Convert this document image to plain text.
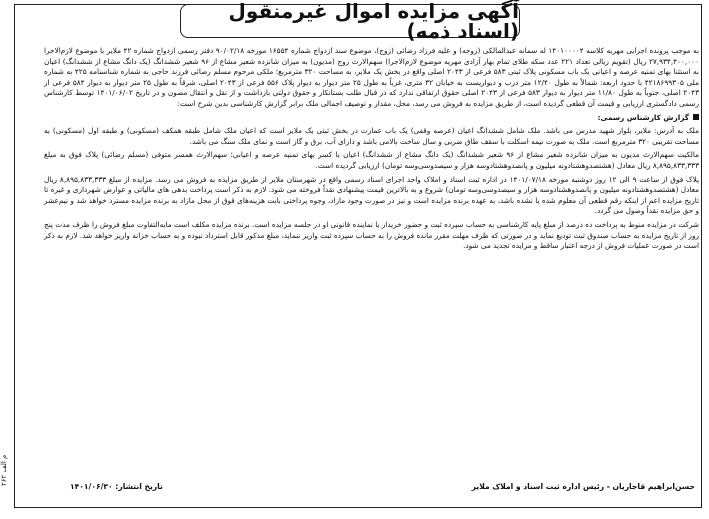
آگهی مزایده اموال غیرمنقول (اسناد ذمه)

به موجب پرونده اجرایی مهریه کلاسه ۱۴۰۱۰۰۰۰۴ له سمانه عبدالمالکی (زوجه) و علیه فرزاد رضائی (زوج)، موضوع سند ازدواج شماره ۱۶۵۵۴ مورخه ۹۰/۰۲/۱۸ دفتر رسمی ازدواج شماره ۴۲ ملایر با موضوع لازم‌الاجرا ۲۷,۹۳۴,۴۰۰,۰۰۰ ریال (تقویم ریالی تعداد ۲۲۱ عدد سکه طلای تمام بهار آزادی مهریه موضوع لازم‌الاجرا) سهم‌الارث زوج (مدیون) به میزان شانزده شعیر مشاع از ۹۶ شعیر ششدانگ (یک دانگ مشاع از ششدانگ) اعیان به استثنا بهای تمنیه عرصه و اعیانی یک باب مسکونی پلاک ثبتی ۵۸۳ فرعی از ۲۰۴۳ اصلی واقع در بخش یک ملایر، به مساحت ۳۲۰ مترمربع؛ ملکی مرحوم مسلم رضائی فرزند حاجی به شماره شناسنامه ۴۲۵ به شماره ملی ۴۲۱۸۶۹۹۳۰۵ با حدود اربعه: شمالاً به طول ۱۲/۴۰ متر درب و دیواریست به خیابان ۳۲ متری، غرباً به طول ۲۵ متر دیوار به دیوار پلاک ۵۵۶ فرعی از ۲۰۴۳ اصلی، شرقاً به طول ۲۵ متر دیوار به دیوار ۵۸۴ فرعی از ۲۰۴۳ اصلی، جنوباً به طول ۱۱/۸۰ متر دیوار به دیوار ۵۸۳ فرعی از ۲۰۴۳ اصلی حقوق ارتفاقی ندارد که در قبال طلب بستانکار و حقوق دولتی بازداشت و از نقل و انتقال مصون و در تاریخ ۱۴۰۱/۰۶/۰۲ توسط کارشناس رسمی دادگستری ارزیابی و قیمت آن قطعی گردیده است، از طریق مزایده به فروش می رسد، محل، مقدار و توصیف اجمالی ملک برابر گزارش کارشناسی بدین شرح است:

گزارش کارشناس رسمی:

ملک به آدرس: ملایر، بلوار شهید مدرس می باشد. ملک شامل ششدانگ اعیان (عرصه وقفی) یک باب عمارت در بخش ثبتی یک ملایر است که اعیان ملک شامل طبقه همکف (مسکونی) و طبقه اول (مسکونی) به مساحت تقریبی ۳۲۰ مترمربع است. ملک به صورت نیمه اسکلت با سقف طاق ضربی و سال ساخت بالامی باشد و دارای آب، برق و گاز است و نمای ملک سنگ می باشد.

مالکیت سهم‌الارث مدیون به میزان شانزده شعیر مشاع از ۹۶ شعیر ششدانگ (یک دانگ مشاع از ششدانگ) اعیان با کسر بهای تمنیه عرصه و اعیانی؛ سهم‌الارث همسر متوفی (مسلم رضائی) پلاک فوق به مبلغ ۸,۸۹۵,۸۳۳,۳۳۳ ریال معادل (هشتصد‌وهشتادونه میلیون و پانصد‌وهشتادوسه هزار و سیصدوسی‌وسه تومان) ارزیابی گردیده است.

پلاک فوق از ساعت ۹ الی ۱۲ روز دوشنبه مورخه ۱۴۰۱/۰۷/۱۸ در اداره ثبت اسناد و املاک واحد اجرای اسناد رسمی واقع در شهرستان ملایر از طریق مزایده به فروش می رسد. مزایده از مبلغ ۸,۸۹۵,۸۳۳,۳۳۳ ریال معادل (هشتصد‌وهشتادونه میلیون و پانصد‌وهشتادوسه هزار و سیصدوسی‌وسه تومان) شروع و به بالاترین قیمت پیشنهادی نقداً فروخته می شود. لازم به ذکر است پرداخت بدهی های مالیاتی و عوارض شهرداری و غیره تا تاریخ مزایده اعم از اینکه رقم قطعی آن معلوم شده یا نشده باشد، به عهده برنده مزایده است و نیز در صورت وجود مازاد، وجوه پرداختی بابت هزینه‌های قوق از محل مازاد به برنده مزایده مسترد خواهد شد و نیم‌عشر و حق مزایده نقداً وصول می گردد.

شرکت در مزایده منوط به پرداخت ده درصد از مبلغ پایه کارشناسی به حساب سپرده ثبت و حضور خریدار یا نماینده قانونی او در جلسه مزایده است. برنده مزایده مکلف است مابه‌التفاوت مبلغ فروش را ظرف مدت پنج روز از تاریخ مزایده به حساب صندوق ثبت تودیع نماید و در صورتی که ظرف مهلت مقرر مانده فروش را به حساب سپرده ثبت واریز ننماید، مبلغ مذکور قابل استرداد نبوده و به حساب خزانه واریز خواهد شد. لازم به ذکر است در صورت عملیات فروش از درجه اعتبار ساقط و مزایده تجدید می شود.

حسن‌ابراهیم قاجاریان - رئیس اداره ثبت اسناد و املاک ملایر
تاریخ انتشار: ۱۴۰۱/۰۶/۳۰
م الف ۲۶۲
